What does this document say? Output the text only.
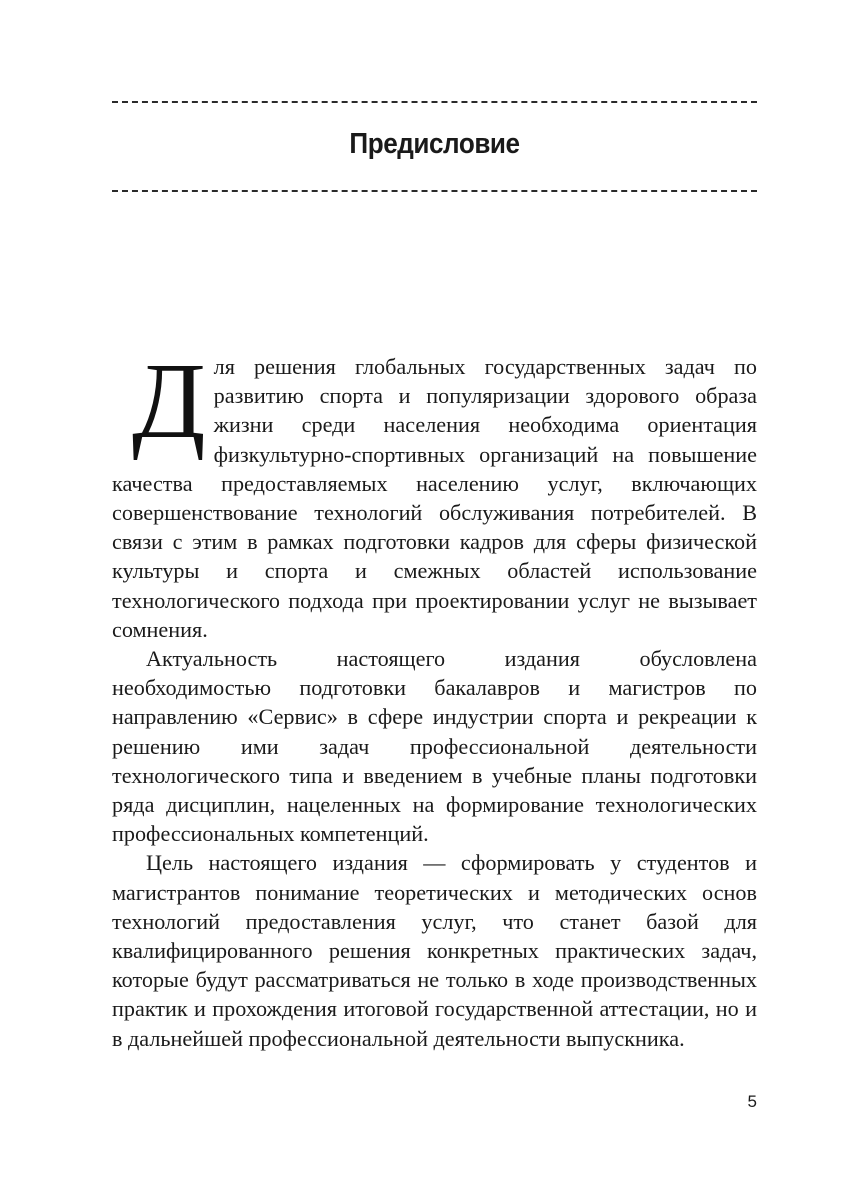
Предисловие

Для решения глобальных государственных задач по развитию спорта и популяризации здорового образа жизни среди населения необходима ориентация физкультурно-спортивных организаций на повышение качества предоставляемых населению услуг, включающих совершенствование технологий обслуживания потребителей. В связи с этим в рамках подготовки кадров для сферы физической культуры и спорта и смежных областей использование технологического подхода при проектировании услуг не вызывает сомнения.

Актуальность настоящего издания обусловлена необходимостью подготовки бакалавров и магистров по направлению «Сервис» в сфере индустрии спорта и рекреации к решению ими задач профессиональной деятельности технологического типа и введением в учебные планы подготовки ряда дисциплин, нацеленных на формирование технологических профессиональных компетенций.

Цель настоящего издания — сформировать у студентов и магистрантов понимание теоретических и методических основ технологий предоставления услуг, что станет базой для квалифицированного решения конкретных практических задач, которые будут рассматриваться не только в ходе производственных практик и прохождения итоговой государственной аттестации, но и в дальнейшей профессиональной деятельности выпускника.

5
